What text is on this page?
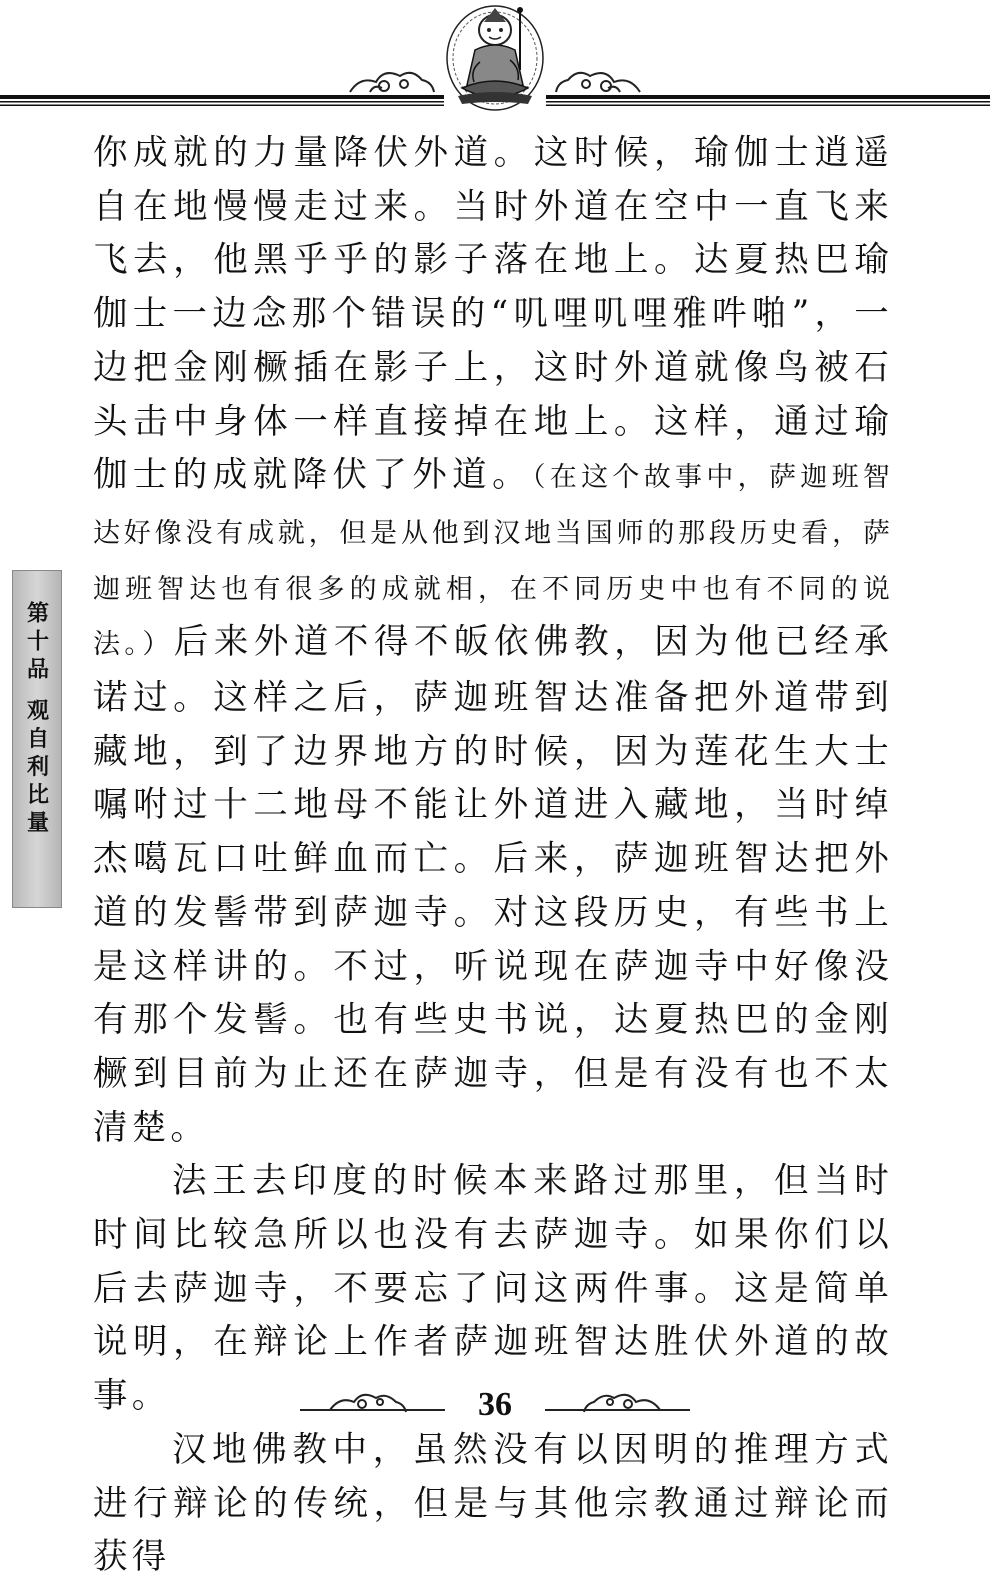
第十品 观自利比量

你成就的力量降伏外道。这时候，瑜伽士逍遥自在地慢慢走过来。当时外道在空中一直飞来飞去，他黑乎乎的影子落在地上。达夏热巴瑜伽士一边念那个错误的“叽哩叽哩雅吽啪”，一边把金刚橛插在影子上，这时外道就像鸟被石头击中身体一样直接掉在地上。这样，通过瑜伽士的成就降伏了外道。（在这个故事中，萨迦班智达好像没有成就，但是从他到汉地当国师的那段历史看，萨迦班智达也有很多的成就相，在不同历史中也有不同的说法。）后来外道不得不皈依佛教，因为他已经承诺过。这样之后，萨迦班智达准备把外道带到藏地，到了边界地方的时候，因为莲花生大士嘱咐过十二地母不能让外道进入藏地，当时绰杰噶瓦口吐鲜血而亡。后来，萨迦班智达把外道的发髻带到萨迦寺。对这段历史，有些书上是这样讲的。不过，听说现在萨迦寺中好像没有那个发髻。也有些史书说，达夏热巴的金刚橛到目前为止还在萨迦寺，但是有没有也不太清楚。

法王去印度的时候本来路过那里，但当时时间比较急所以也没有去萨迦寺。如果你们以后去萨迦寺，不要忘了问这两件事。这是简单说明，在辩论上作者萨迦班智达胜伏外道的故事。

汉地佛教中，虽然没有以因明的推理方式进行辩论的传统，但是与其他宗教通过辩论而获得

36
